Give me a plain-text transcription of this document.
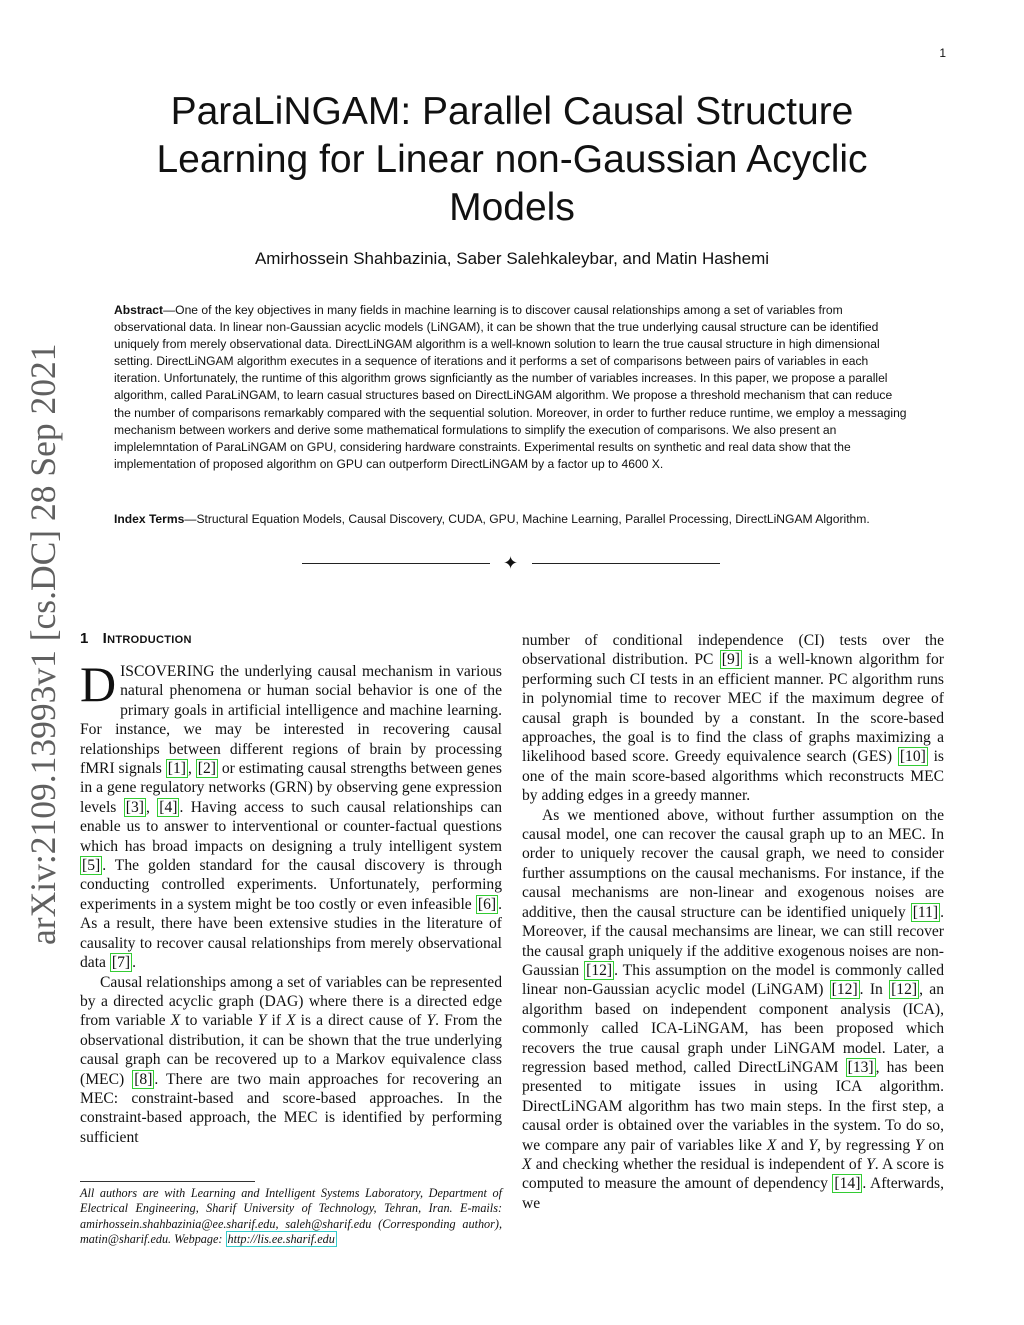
1
arXiv:2109.13993v1 [cs.DC] 28 Sep 2021
ParaLiNGAM: Parallel Causal Structure
Learning for Linear non-Gaussian Acyclic
Models
Amirhossein Shahbazinia, Saber Salehkaleybar, and Matin Hashemi

Abstract—One of the key objectives in many fields in machine learning is to discover causal relationships among a set of variables from observational data. In linear non-Gaussian acyclic models (LiNGAM), it can be shown that the true underlying causal structure can be identified uniquely from merely observational data. DirectLiNGAM algorithm is a well-known solution to learn the true causal structure in high dimensional setting. DirectLiNGAM algorithm executes in a sequence of iterations and it performs a set of comparisons between pairs of variables in each iteration. Unfortunately, the runtime of this algorithm grows signficiantly as the number of variables increases. In this paper, we propose a parallel algorithm, called ParaLiNGAM, to learn casual structures based on DirectLiNGAM algorithm. We propose a threshold mechanism that can reduce the number of comparisons remarkably compared with the sequential solution. Moreover, in order to further reduce runtime, we employ a messaging mechanism between workers and derive some mathematical formulations to simplify the execution of comparisons. We also present an implelemntation of ParaLiNGAM on GPU, considering hardware constraints. Experimental results on synthetic and real data show that the implementation of proposed algorithm on GPU can outperform DirectLiNGAM by a factor up to 4600 X.

Index Terms—Structural Equation Models, Causal Discovery, CUDA, GPU, Machine Learning, Parallel Processing, DirectLiNGAM Algorithm.

✦
1 Introduction

DISCOVERING the underlying causal mechanism in various natural phenomena or human social behavior is one of the primary goals in artificial intelligence and machine learning. For instance, we may be interested in recovering causal relationships between different regions of brain by processing fMRI signals [1] , [2] or estimating causal strengths between genes in a gene regulatory networks (GRN) by observing gene expression levels [3] , [4] . Having access to such causal relationships can enable us to answer to interventional or counter-factual questions which has broad impacts on designing a truly intelligent system [5] . The golden standard for the causal discovery is through conducting controlled experiments. Unfortunately, performing experiments in a system might be too costly or even infeasible [6] . As a result, there have been extensive studies in the literature of causality to recover causal relationships from merely observational data [7] .

Causal relationships among a set of variables can be represented by a directed acyclic graph (DAG) where there is a directed edge from variable X to variable Y if X is a direct cause of Y. From the observational distribution, it can be shown that the true underlying causal graph can be recovered up to a Markov equivalence class (MEC) [8] . There are two main approaches for recovering an MEC: constraint-based and score-based approaches. In the constraint-based approach, the MEC is identified by performing sufficient

All authors are with Learning and Intelligent Systems Laboratory, Department of Electrical Engineering, Sharif University of Technology, Tehran, Iran. E-mails: amirhossein.shahbazinia@ee.sharif.edu, saleh@sharif.edu (Corresponding author), matin@sharif.edu. Webpage: http://lis.ee.sharif.edu

number of conditional independence (CI) tests over the observational distribution. PC [9] is a well-known algorithm for performing such CI tests in an efficient manner. PC algorithm runs in polynomial time to recover MEC if the maximum degree of causal graph is bounded by a constant. In the score-based approaches, the goal is to find the class of graphs maximizing a likelihood based score. Greedy equivalence search (GES) [10] is one of the main score-based algorithms which reconstructs MEC by adding edges in a greedy manner.

As we mentioned above, without further assumption on the causal model, one can recover the causal graph up to an MEC. In order to uniquely recover the causal graph, we need to consider further assumptions on the causal mechanisms. For instance, if the causal mechanisms are non-linear and exogenous noises are additive, then the causal structure can be identified uniquely [11] . Moreover, if the causal mechansims are linear, we can still recover the causal graph uniquely if the additive exogenous noises are non-Gaussian [12] . This assumption on the model is commonly called linear non-Gaussian acyclic model (LiNGAM) [12] . In [12] , an algorithm based on independent component analysis (ICA), commonly called ICA-LiNGAM, has been proposed which recovers the true causal graph under LiNGAM model. Later, a regression based method, called DirectLiNGAM [13] , has been presented to mitigate issues in using ICA algorithm. DirectLiNGAM algorithm has two main steps. In the first step, a causal order is obtained over the variables in the system. To do so, we compare any pair of variables like X and Y, by regressing Y on X and checking whether the residual is independent of Y. A score is computed to measure the amount of dependency [14] . Afterwards, we
